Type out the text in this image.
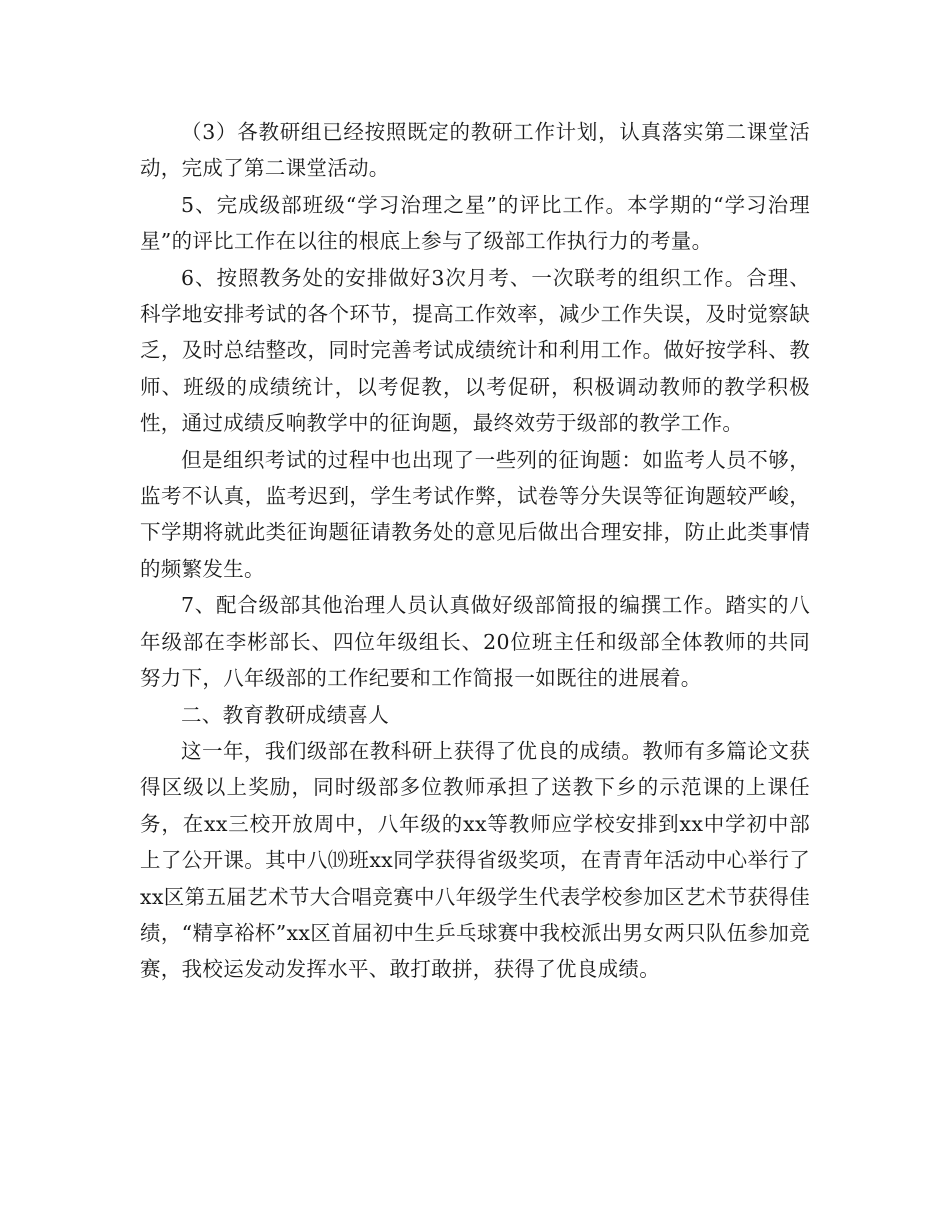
（3）各教研组已经按照既定的教研工作计划，认真落实第二课堂活动，完成了第二课堂活动。

5、完成级部班级“学习治理之星”的评比工作。本学期的“学习治理星”的评比工作在以往的根底上参与了级部工作执行力的考量。

6、按照教务处的安排做好3次月考、一次联考的组织工作。合理、科学地安排考试的各个环节，提高工作效率，减少工作失误，及时觉察缺乏，及时总结整改，同时完善考试成绩统计和利用工作。做好按学科、教师、班级的成绩统计，以考促教，以考促研，积极调动教师的教学积极性，通过成绩反响教学中的征询题，最终效劳于级部的教学工作。

但是组织考试的过程中也出现了一些列的征询题：如监考人员不够，监考不认真，监考迟到，学生考试作弊，试卷等分失误等征询题较严峻，下学期将就此类征询题征请教务处的意见后做出合理安排，防止此类事情的频繁发生。

7、配合级部其他治理人员认真做好级部简报的编撰工作。踏实的八年级部在李彬部长、四位年级组长、20位班主任和级部全体教师的共同努力下，八年级部的工作纪要和工作简报一如既往的进展着。

二、教育教研成绩喜人

这一年，我们级部在教科研上获得了优良的成绩。教师有多篇论文获得区级以上奖励，同时级部多位教师承担了送教下乡的示范课的上课任务，在xx三校开放周中，八年级的xx等教师应学校安排到xx中学初中部上了公开课。其中八⒆班xx同学获得省级奖项，在青青年活动中心举行了xx区第五届艺术节大合唱竞赛中八年级学生代表学校参加区艺术节获得佳绩，“精享裕杯”xx区首届初中生乒乓球赛中我校派出男女两只队伍参加竞赛，我校运发动发挥水平、敢打敢拼，获得了优良成绩。
